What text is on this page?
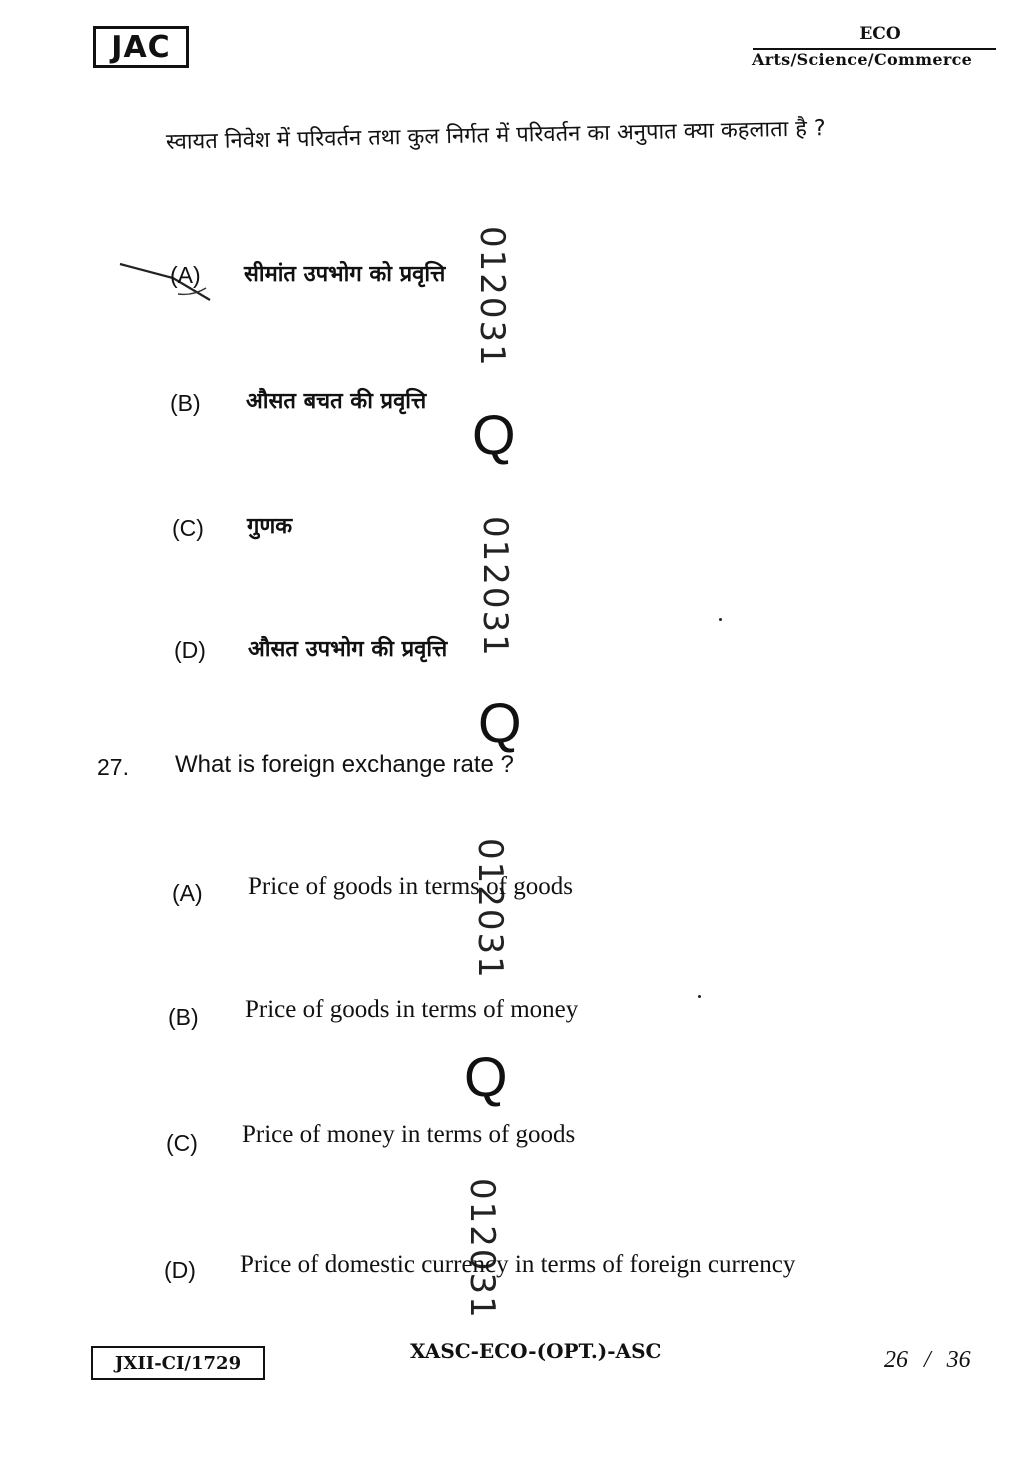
JAC	ECO
Arts/Science/Commerce
स्वायत निवेश में परिवर्तन तथा कुल निर्गत में परिवर्तन का अनुपात क्या कहलाता है ?
(A) सीमांत उपभोग को प्रवृत्ति
(B) औसत बचत की प्रवृत्ति
(C) गुणक
(D) औसत उपभोग की प्रवृत्ति
012031
Q
012031
Q
012031
Q
012031
27. What is foreign exchange rate ?
(A) Price of goods in terms of goods
(B) Price of goods in terms of money
(C) Price of money in terms of goods
(D) Price of domestic currency in terms of foreign currency
JXII-CI/1729	XASC-ECO-(OPT.)-ASC	26 / 36
